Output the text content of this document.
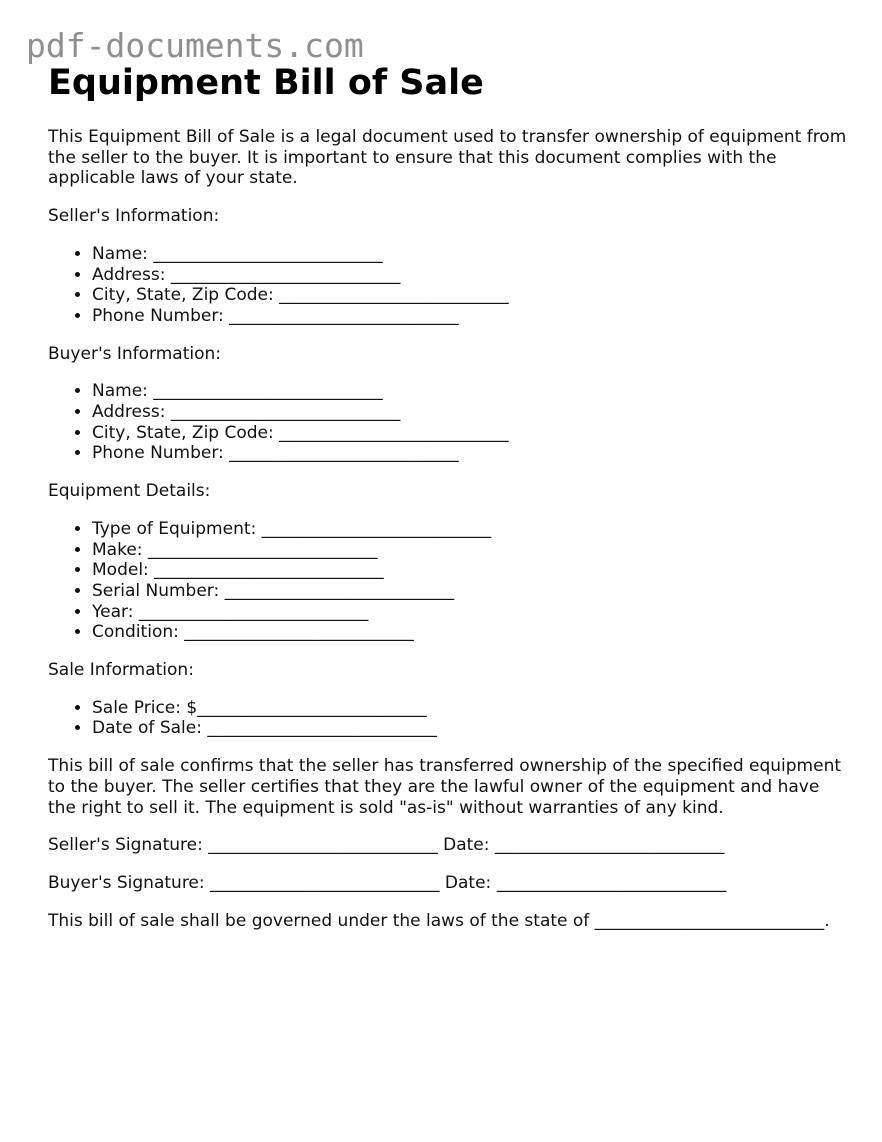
pdf-documents.com
Equipment Bill of Sale

This Equipment Bill of Sale is a legal document used to transfer ownership of equipment from the seller to the buyer. It is important to ensure that this document complies with the applicable laws of your state.

Seller's Information:

• Name: ___________________________
• Address: ___________________________
• City, State, Zip Code: ___________________________
• Phone Number: ___________________________

Buyer's Information:

• Name: ___________________________
• Address: ___________________________
• City, State, Zip Code: ___________________________
• Phone Number: ___________________________

Equipment Details:

• Type of Equipment: ___________________________
• Make: ___________________________
• Model: ___________________________
• Serial Number: ___________________________
• Year: ___________________________
• Condition: ___________________________

Sale Information:

• Sale Price: $___________________________
• Date of Sale: ___________________________

This bill of sale confirms that the seller has transferred ownership of the specified equipment to the buyer. The seller certifies that they are the lawful owner of the equipment and have the right to sell it. The equipment is sold "as-is" without warranties of any kind.

Seller's Signature: ___________________________ Date: ___________________________

Buyer's Signature: ___________________________ Date: ___________________________

This bill of sale shall be governed under the laws of the state of ___________________________.
